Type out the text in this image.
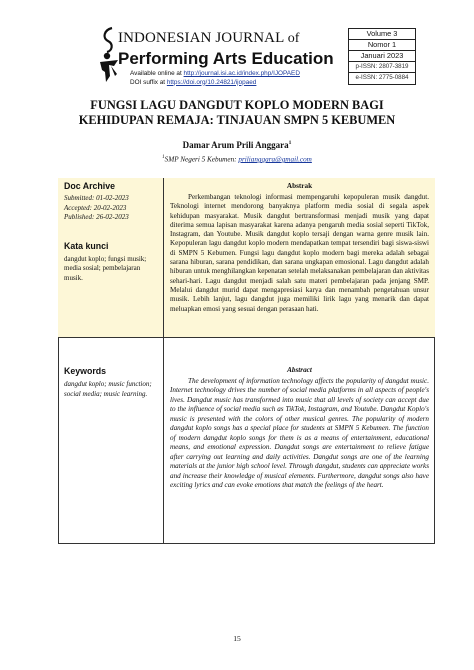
INDONESIAN JOURNAL of
Performing Arts Education
Available online at http://journal.isi.ac.id/index.php/IJOPAED
DOI suffix at https://doi.org/10.24821/ijopaed
Volume 3
Nomor 1
Januari 2023
p-ISSN: 2807-3819
e-ISSN: 2775-0884
FUNGSI LAGU DANGDUT KOPLO MODERN BAGI
KEHIDUPAN REMAJA: TINJAUAN SMPN 5 KEBUMEN
Damar Arum Prili Anggara$^1$
$^1$SMP Negeri 5 Kebumen: priliangqara@gmail.com
Doc Archive
Submitted: 01-02-2023
Accepted: 20-02-2023
Published: 26-02-2023
Kata kunci
dangdut koplo; fungsi musik; media sosial; pembelajaran musik.
Abstrak
Perkembangan teknologi informasi mempengaruhi kepopuleran musik dangdut. Teknologi internet mendorong banyaknya platform media sosial di segala aspek kehidupan masyarakat. Musik dangdut bertransformasi menjadi musik yang dapat diterima semua lapisan masyarakat karena adanya pengaruh media sosial seperti TikTok, Instagram, dan Youtube. Musik dangdut koplo tersaji dengan warna genre musik lain. Kepopuleran lagu dangdut koplo modern mendapatkan tempat tersendiri bagi siswa-siswi di SMPN 5 Kebumen. Fungsi lagu dangdut koplo modern bagi mereka adalah sebagai sarana hiburan, sarana pendidikan, dan sarana ungkapan emosional. Lagu dangdut adalah hiburan untuk menghilangkan kepenatan setelah melaksanakan pembelajaran dan aktivitas sehari-hari. Lagu dangdut menjadi salah satu materi pembelajaran pada jenjang SMP. Melalui dangdut murid dapat mengapresiasi karya dan menambah pengetahuan unsur musik. Lebih lanjut, lagu dangdut juga memiliki lirik lagu yang menarik dan dapat meluapkan emosi yang sesuai dengan perasaan hati.
Keywords
dangdut koplo; music function; social media; music learning.
Abstract
The development of information technology affects the popularity of dangdut music. Internet technology drives the number of social media platforms in all aspects of people's lives. Dangdut music has transformed into music that all levels of society can accept due to the influence of social media such as TikTok, Instagram, and Youtube. Dangdut Koplo's music is presented with the colors of other musical genres. The popularity of modern dangdut koplo songs has a special place for students at SMPN 5 Kebumen. The function of modern dangdut koplo songs for them is as a means of entertainment, educational means, and emotional expression. Dangdut songs are entertainment to relieve fatigue after carrying out learning and daily activities. Dangdut songs are one of the learning materials at the junior high school level. Through dangdut, students can appreciate works and increase their knowledge of musical elements. Furthermore, dangdut songs also have exciting lyrics and can evoke emotions that match the feelings of the heart.
15
